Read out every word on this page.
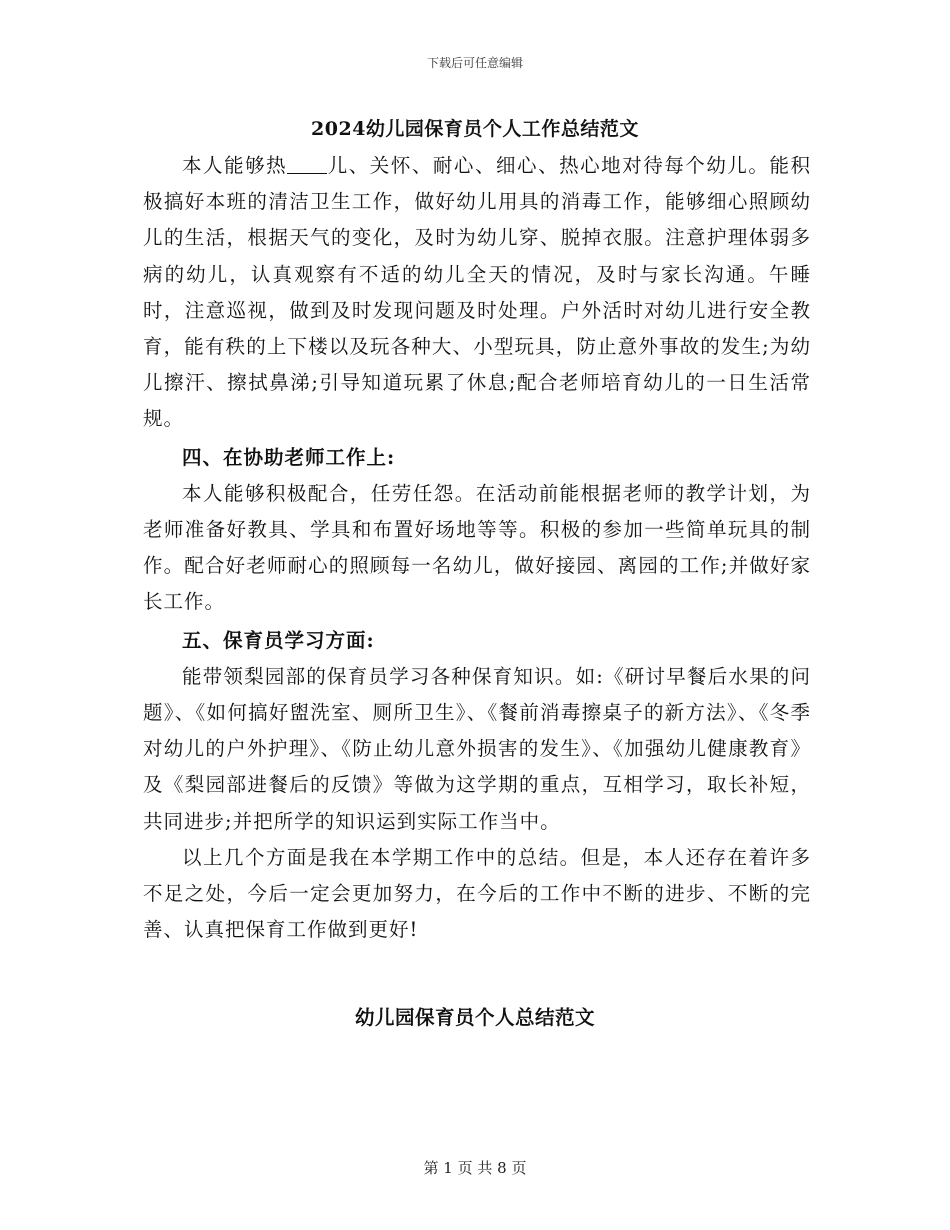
下载后可任意编辑
2024幼儿园保育员个人工作总结范文

本人能够热 儿、关怀、耐心、细心、热心地对待每个幼儿。能积极搞好本班的清洁卫生工作，做好幼儿用具的消毒工作，能够细心照顾幼儿的生活，根据天气的变化，及时为幼儿穿、脱掉衣服。注意护理体弱多病的幼儿，认真观察有不适的幼儿全天的情况，及时与家长沟通。午睡时，注意巡视，做到及时发现问题及时处理。户外活时对幼儿进行安全教育，能有秩的上下楼以及玩各种大、小型玩具，防止意外事故的发生;为幼儿擦汗、擦拭鼻涕;引导知道玩累了休息;配合老师培育幼儿的一日生活常规。

四、在协助老师工作上:

本人能够积极配合，任劳任怨。在活动前能根据老师的教学计划，为老师准备好教具、学具和布置好场地等等。积极的参加一些简单玩具的制作。配合好老师耐心的照顾每一名幼儿，做好接园、离园的工作;并做好家长工作。

五、保育员学习方面:

能带领梨园部的保育员学习各种保育知识。如:《研讨早餐后水果的问题》、《如何搞好盥洗室、厕所卫生》、《餐前消毒擦桌子的新方法》、《冬季对幼儿的户外护理》、《防止幼儿意外损害的发生》、《加强幼儿健康教育》及《梨园部进餐后的反馈》等做为这学期的重点，互相学习，取长补短，共同进步;并把所学的知识运到实际工作当中。

以上几个方面是我在本学期工作中的总结。但是，本人还存在着许多不足之处，今后一定会更加努力，在今后的工作中不断的进步、不断的完善、认真把保育工作做到更好!

幼儿园保育员个人总结范文
第 1 页 共 8 页
